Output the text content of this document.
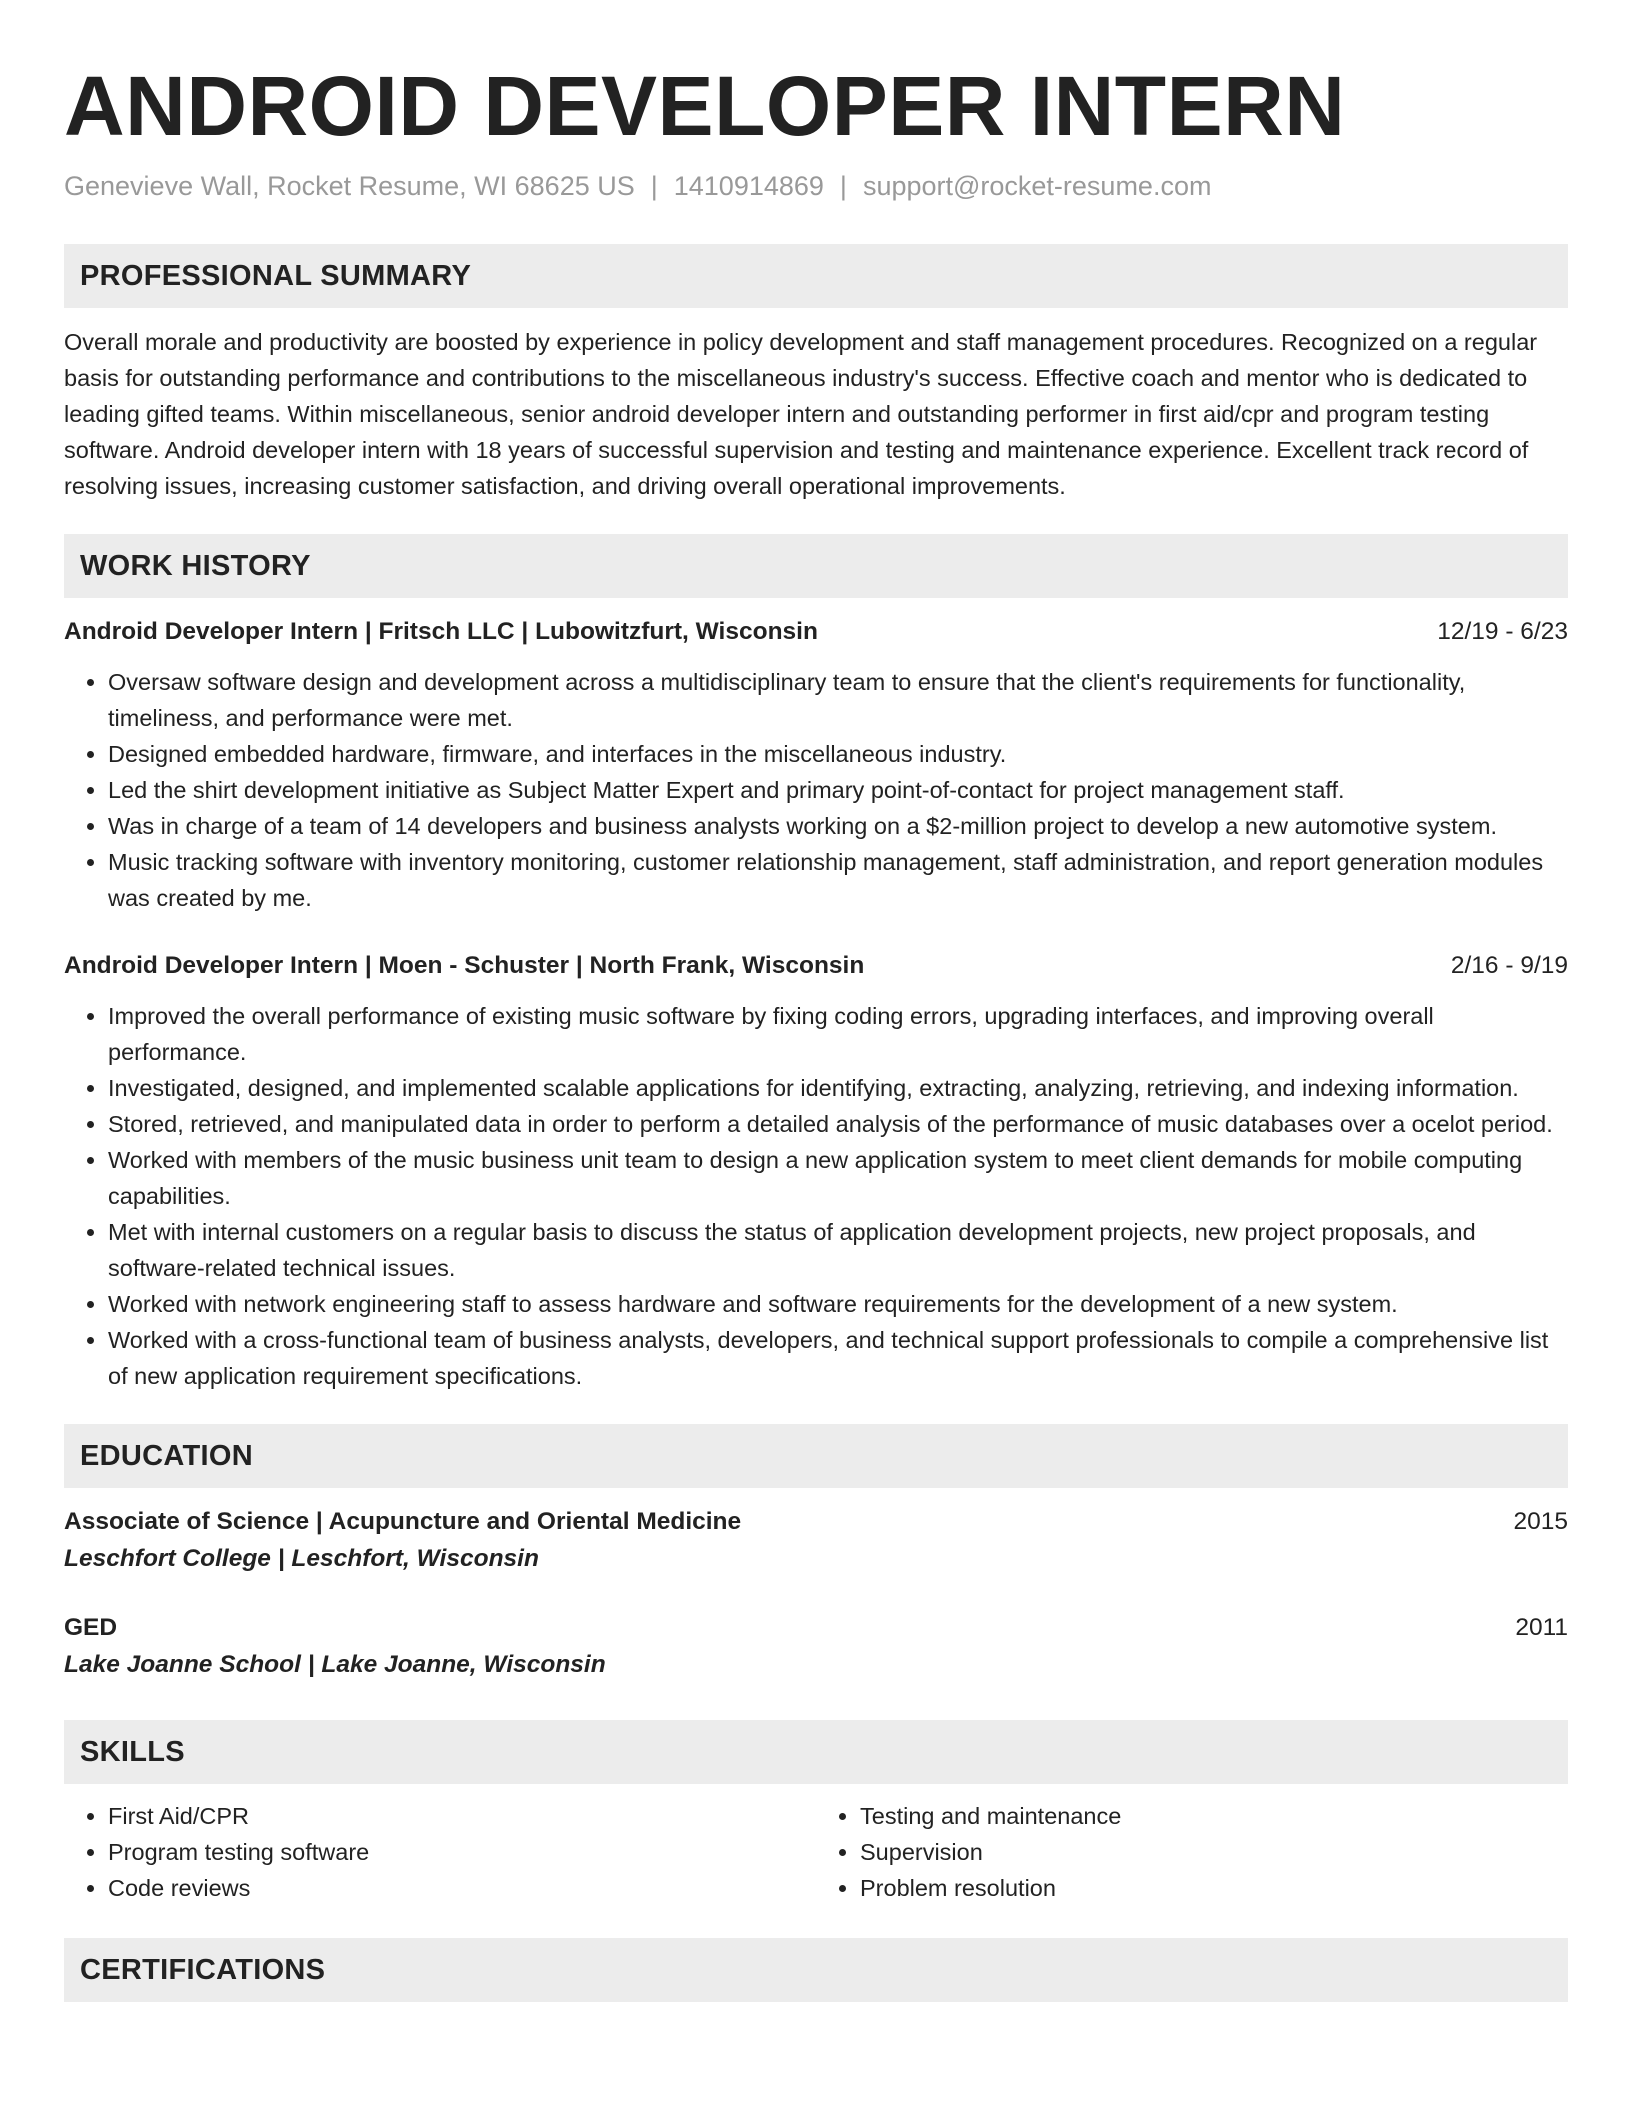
ANDROID DEVELOPER INTERN
Genevieve Wall, Rocket Resume, WI 68625 US | 1410914869 | support@rocket-resume.com
PROFESSIONAL SUMMARY

Overall morale and productivity are boosted by experience in policy development and staff management procedures. Recognized on a regular basis for outstanding performance and contributions to the miscellaneous industry's success. Effective coach and mentor who is dedicated to leading gifted teams. Within miscellaneous, senior android developer intern and outstanding performer in first aid/cpr and program testing software. Android developer intern with 18 years of successful supervision and testing and maintenance experience. Excellent track record of resolving issues, increasing customer satisfaction, and driving overall operational improvements.

WORK HISTORY
Android Developer Intern | Fritsch LLC | Lubowitzfurt, Wisconsin	12/19 - 6/23
• Oversaw software design and development across a multidisciplinary team to ensure that the client's requirements for functionality, timeliness, and performance were met.
• Designed embedded hardware, firmware, and interfaces in the miscellaneous industry.
• Led the shirt development initiative as Subject Matter Expert and primary point-of-contact for project management staff.
• Was in charge of a team of 14 developers and business analysts working on a $2-million project to develop a new automotive system.
• Music tracking software with inventory monitoring, customer relationship management, staff administration, and report generation modules was created by me.
Android Developer Intern | Moen - Schuster | North Frank, Wisconsin	2/16 - 9/19
• Improved the overall performance of existing music software by fixing coding errors, upgrading interfaces, and improving overall performance.
• Investigated, designed, and implemented scalable applications for identifying, extracting, analyzing, retrieving, and indexing information.
• Stored, retrieved, and manipulated data in order to perform a detailed analysis of the performance of music databases over a ocelot period.
• Worked with members of the music business unit team to design a new application system to meet client demands for mobile computing capabilities.
• Met with internal customers on a regular basis to discuss the status of application development projects, new project proposals, and software-related technical issues.
• Worked with network engineering staff to assess hardware and software requirements for the development of a new system.
• Worked with a cross-functional team of business analysts, developers, and technical support professionals to compile a comprehensive list of new application requirement specifications.
EDUCATION
Associate of Science | Acupuncture and Oriental Medicine	2015
Leschfort College | Leschfort, Wisconsin
GED	2011
Lake Joanne School | Lake Joanne, Wisconsin
SKILLS
• First Aid/CPR
• Program testing software
• Code reviews
• Testing and maintenance
• Supervision
• Problem resolution
CERTIFICATIONS
